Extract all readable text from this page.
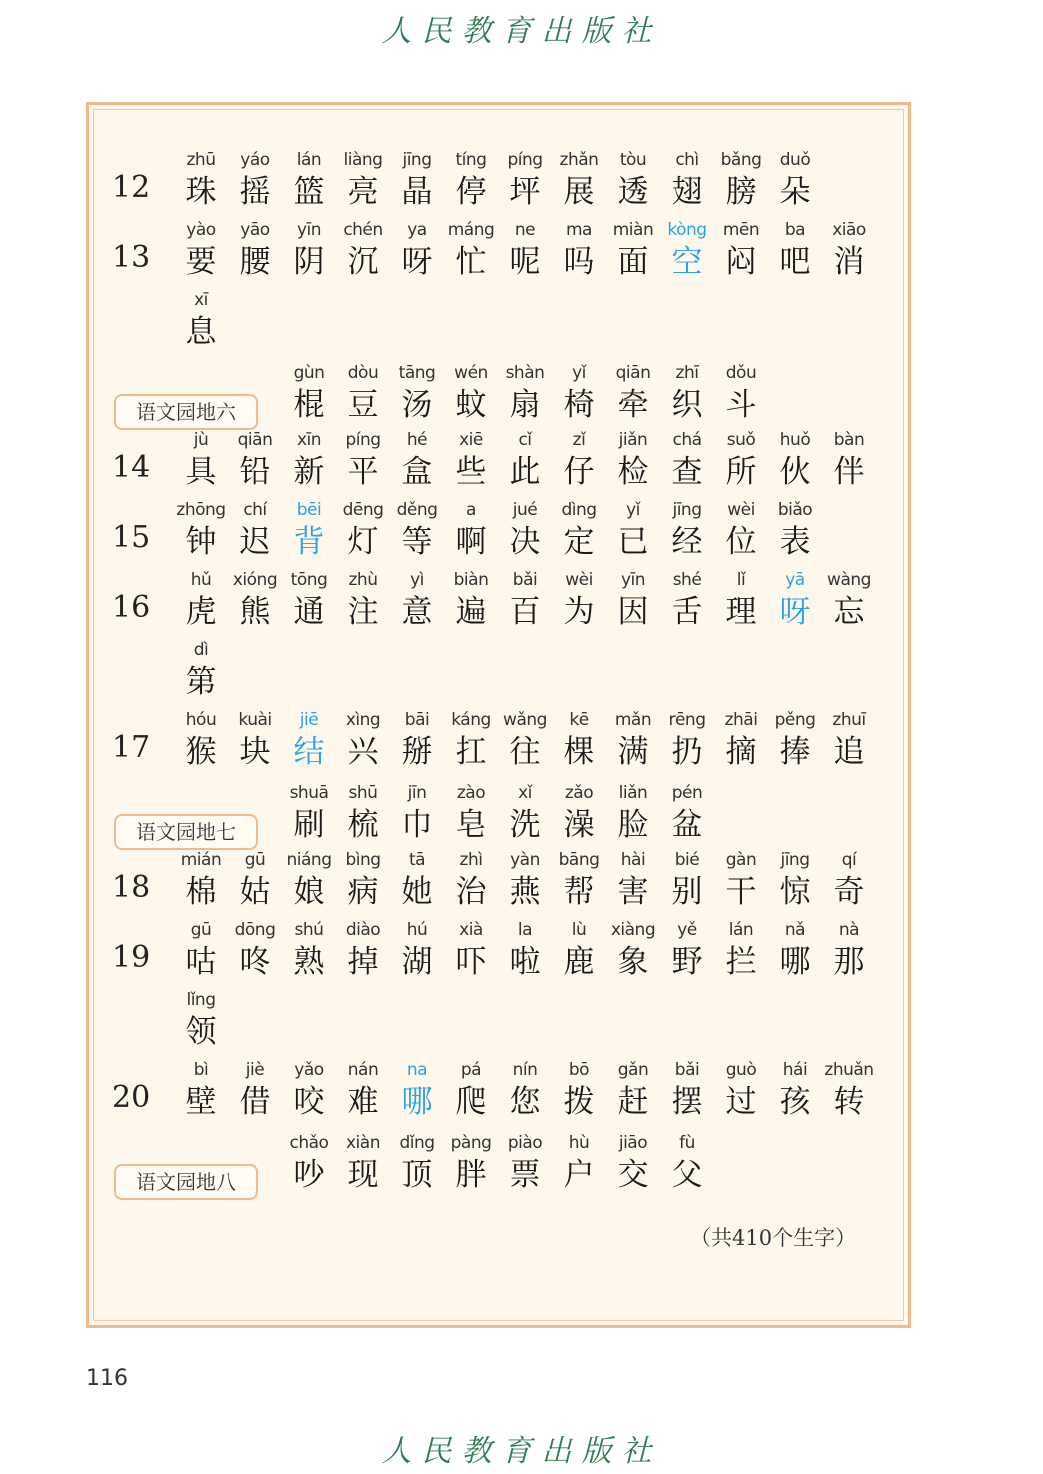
人民教育出版社
12
zhū
珠
yáo
摇
lán
篮
liàng
亮
jīng
晶
tíng
停
píng
坪
zhǎn
展
tòu
透
chì
翅
bǎng
膀
duǒ
朵
13
yào
要
yāo
腰
yīn
阴
chén
沉
ya
呀
máng
忙
ne
呢
ma
吗
miàn
面
kòng
空
mēn
闷
ba
吧
xiāo
消
xī
息
语文园地六
gùn
棍
dòu
豆
tāng
汤
wén
蚊
shàn
扇
yǐ
椅
qiān
牵
zhī
织
dǒu
斗
14
jù
具
qiān
铅
xīn
新
píng
平
hé
盒
xiē
些
cǐ
此
zǐ
仔
jiǎn
检
chá
查
suǒ
所
huǒ
伙
bàn
伴
15
zhōng
钟
chí
迟
bēi
背
dēng
灯
děng
等
a
啊
jué
决
dìng
定
yǐ
已
jīng
经
wèi
位
biǎo
表
16
hǔ
虎
xióng
熊
tōng
通
zhù
注
yì
意
biàn
遍
bǎi
百
wèi
为
yīn
因
shé
舌
lǐ
理
yā
呀
wàng
忘
dì
第
17
hóu
猴
kuài
块
jiē
结
xìng
兴
bāi
掰
káng
扛
wǎng
往
kē
棵
mǎn
满
rēng
扔
zhāi
摘
pěng
捧
zhuī
追
语文园地七
shuā
刷
shū
梳
jīn
巾
zào
皂
xǐ
洗
zǎo
澡
liǎn
脸
pén
盆
18
mián
棉
gū
姑
niáng
娘
bìng
病
tā
她
zhì
治
yàn
燕
bāng
帮
hài
害
bié
别
gàn
干
jīng
惊
qí
奇
19
gū
咕
dōng
咚
shú
熟
diào
掉
hú
湖
xià
吓
la
啦
lù
鹿
xiàng
象
yě
野
lán
拦
nǎ
哪
nà
那
lǐng
领
20
bì
壁
jiè
借
yǎo
咬
nán
难
na
哪
pá
爬
nín
您
bō
拨
gǎn
赶
bǎi
摆
guò
过
hái
孩
zhuǎn
转
语文园地八
chǎo
吵
xiàn
现
dǐng
顶
pàng
胖
piào
票
hù
户
jiāo
交
fù
父
（共410个生字）
116
人民教育出版社
